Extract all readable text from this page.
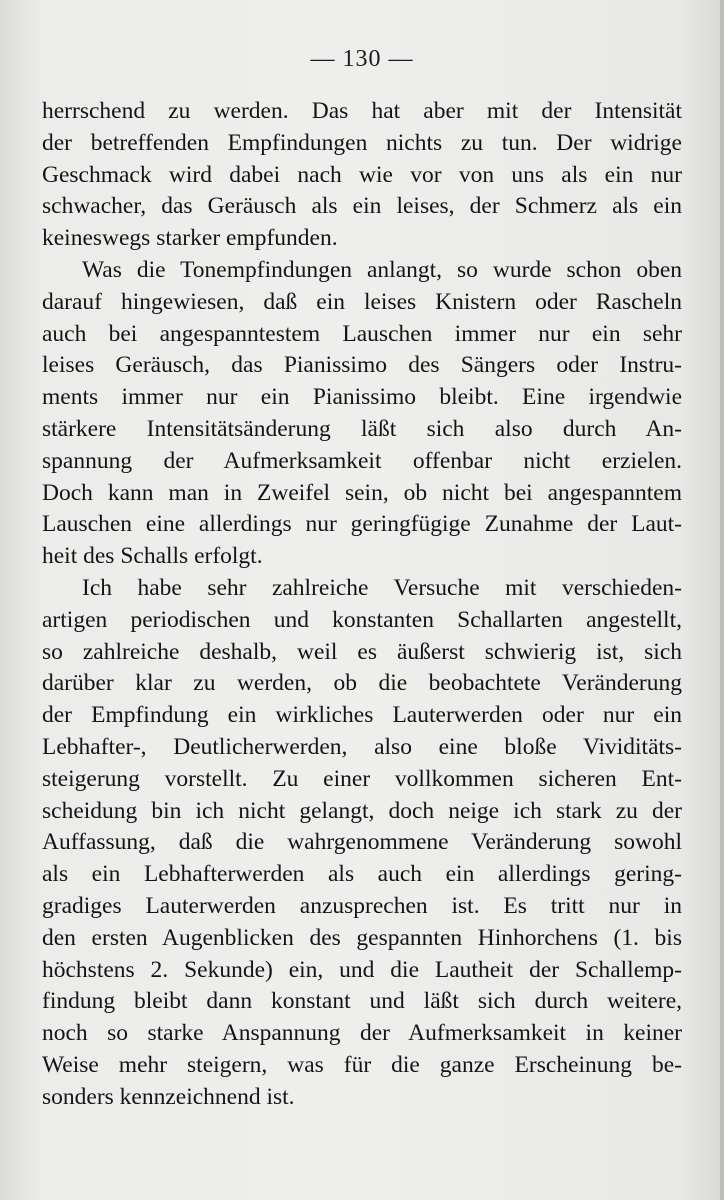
— 130 —
herrschend zu werden. Das hat aber mit der Intensität
der betreffenden Empfindungen nichts zu tun. Der widrige
Geschmack wird dabei nach wie vor von uns als ein nur
schwacher, das Geräusch als ein leises, der Schmerz als ein
keineswegs starker empfunden.
Was die Tonempfindungen anlangt, so wurde schon oben
darauf hingewiesen, daß ein leises Knistern oder Rascheln
auch bei angespanntestem Lauschen immer nur ein sehr
leises Geräusch, das Pianissimo des Sängers oder Instru-
ments immer nur ein Pianissimo bleibt. Eine irgendwie
stärkere Intensitätsänderung läßt sich also durch An-
spannung der Aufmerksamkeit offenbar nicht erzielen.
Doch kann man in Zweifel sein, ob nicht bei angespanntem
Lauschen eine allerdings nur geringfügige Zunahme der Laut-
heit des Schalls erfolgt.
Ich habe sehr zahlreiche Versuche mit verschieden-
artigen periodischen und konstanten Schallarten angestellt,
so zahlreiche deshalb, weil es äußerst schwierig ist, sich
darüber klar zu werden, ob die beobachtete Veränderung
der Empfindung ein wirkliches Lauterwerden oder nur ein
Lebhafter-, Deutlicherwerden, also eine bloße Vividitäts-
steigerung vorstellt. Zu einer vollkommen sicheren Ent-
scheidung bin ich nicht gelangt, doch neige ich stark zu der
Auffassung, daß die wahrgenommene Veränderung sowohl
als ein Lebhafterwerden als auch ein allerdings gering-
gradiges Lauterwerden anzusprechen ist. Es tritt nur in
den ersten Augenblicken des gespannten Hinhorchens (1. bis
höchstens 2. Sekunde) ein, und die Lautheit der Schallemp-
findung bleibt dann konstant und läßt sich durch weitere,
noch so starke Anspannung der Aufmerksamkeit in keiner
Weise mehr steigern, was für die ganze Erscheinung be-
sonders kennzeichnend ist.
